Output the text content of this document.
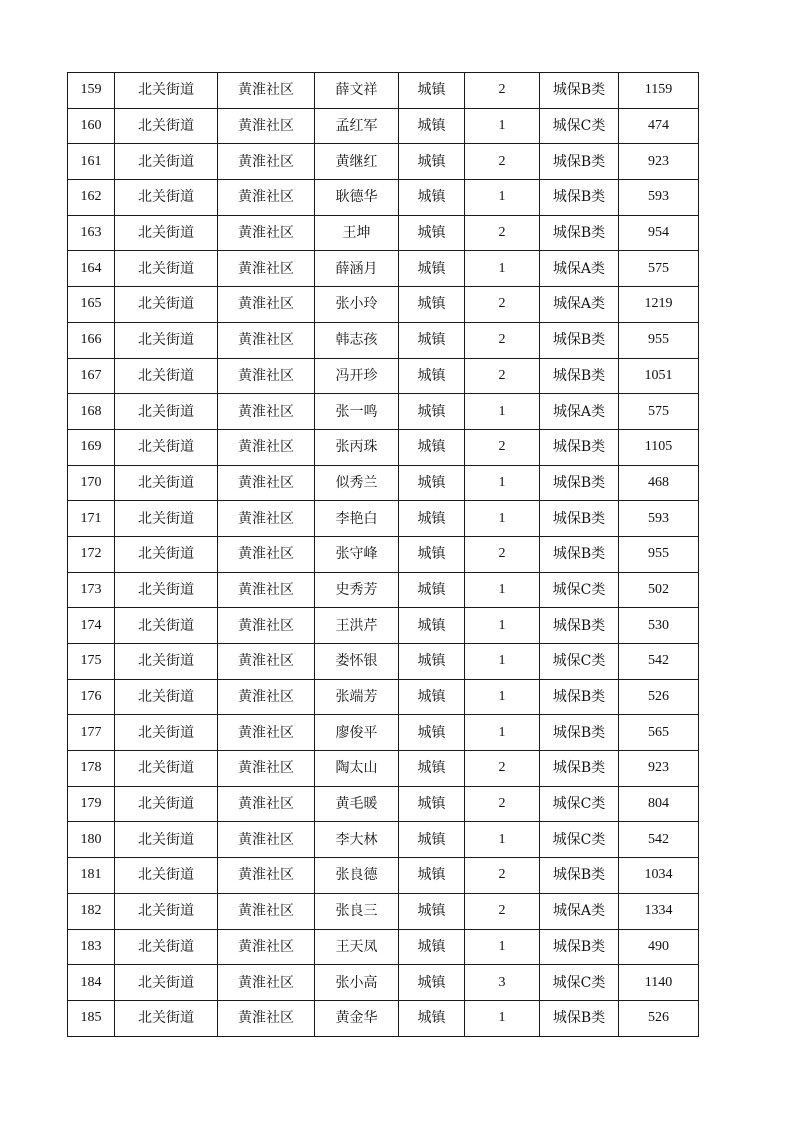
159	北关街道	黄淮社区	薛文祥	城镇	2	城保B类	1159
160	北关街道	黄淮社区	孟红军	城镇	1	城保C类	474
161	北关街道	黄淮社区	黄继红	城镇	2	城保B类	923
162	北关街道	黄淮社区	耿德华	城镇	1	城保B类	593
163	北关街道	黄淮社区	王坤	城镇	2	城保B类	954
164	北关街道	黄淮社区	薛涵月	城镇	1	城保A类	575
165	北关街道	黄淮社区	张小玲	城镇	2	城保A类	1219
166	北关街道	黄淮社区	韩志孩	城镇	2	城保B类	955
167	北关街道	黄淮社区	冯开珍	城镇	2	城保B类	1051
168	北关街道	黄淮社区	张一鸣	城镇	1	城保A类	575
169	北关街道	黄淮社区	张丙珠	城镇	2	城保B类	1105
170	北关街道	黄淮社区	似秀兰	城镇	1	城保B类	468
171	北关街道	黄淮社区	李艳白	城镇	1	城保B类	593
172	北关街道	黄淮社区	张守峰	城镇	2	城保B类	955
173	北关街道	黄淮社区	史秀芳	城镇	1	城保C类	502
174	北关街道	黄淮社区	王洪芹	城镇	1	城保B类	530
175	北关街道	黄淮社区	娄怀银	城镇	1	城保C类	542
176	北关街道	黄淮社区	张端芳	城镇	1	城保B类	526
177	北关街道	黄淮社区	廖俊平	城镇	1	城保B类	565
178	北关街道	黄淮社区	陶太山	城镇	2	城保B类	923
179	北关街道	黄淮社区	黄毛暖	城镇	2	城保C类	804
180	北关街道	黄淮社区	李大林	城镇	1	城保C类	542
181	北关街道	黄淮社区	张良德	城镇	2	城保B类	1034
182	北关街道	黄淮社区	张良三	城镇	2	城保A类	1334
183	北关街道	黄淮社区	王天凤	城镇	1	城保B类	490
184	北关街道	黄淮社区	张小高	城镇	3	城保C类	1140
185	北关街道	黄淮社区	黄金华	城镇	1	城保B类	526
